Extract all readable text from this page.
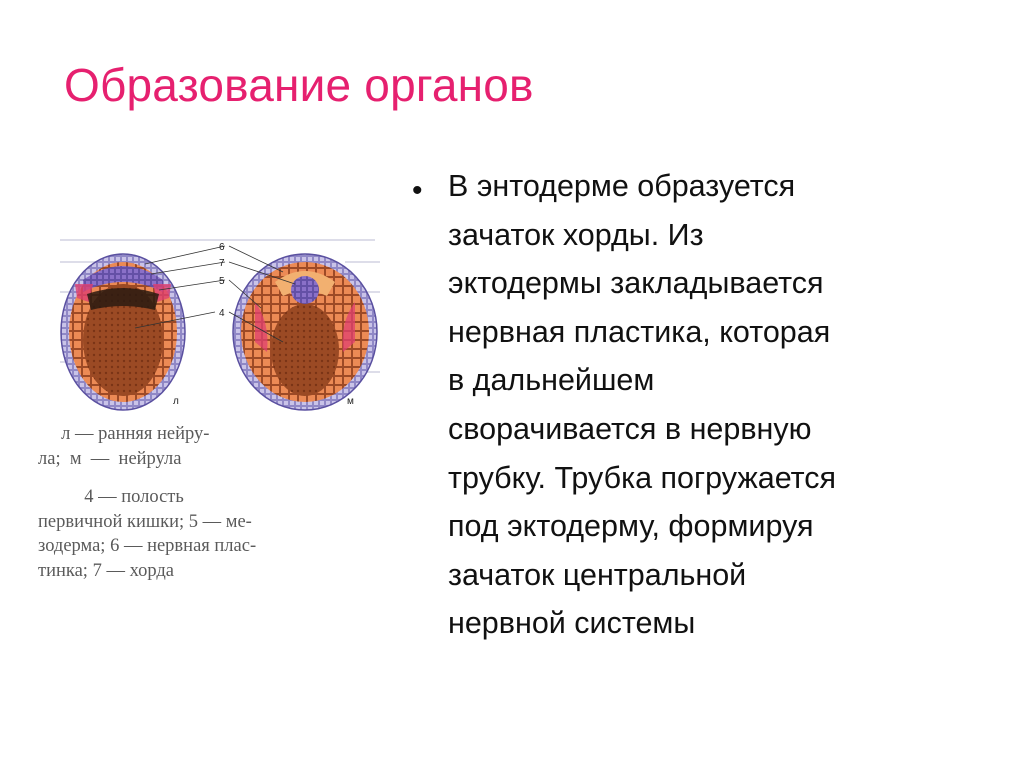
Образование органов
6
7
5
4
л	м
л — ранняя нейру-
ла;  м  —  нейрула
4 — полость
первичной кишки; 5 — ме-
зодерма; 6 — нервная плас-
тинка; 7 — хорда
• В энтодерме образуется
зачаток хорды. Из
эктодермы закладывается
нервная пластика, которая
в дальнейшем
сворачивается в нервную
трубку. Трубка погружается
под эктодерму, формируя
зачаток центральной
нервной системы
